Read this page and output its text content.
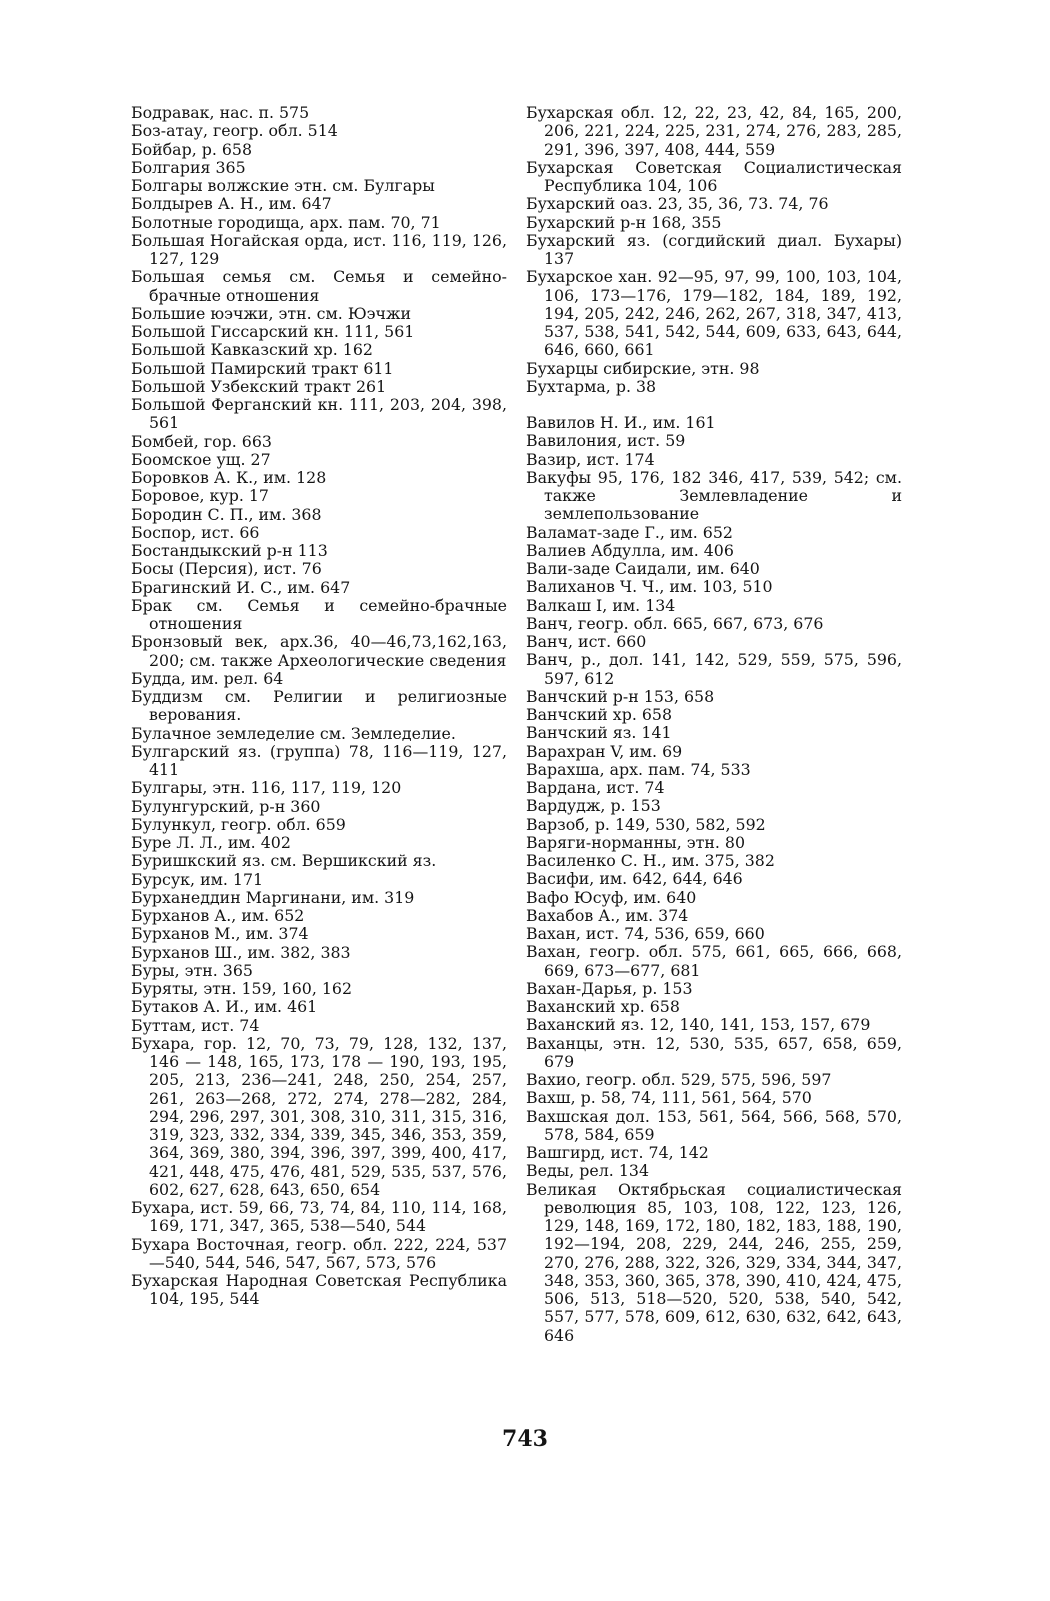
Бодравак, нас. п. 575
Боз-атау, геогр. обл. 514
Бойбар, р. 658
Болгария 365
Болгары волжские этн. см. Булгары
Болдырев А. Н., им. 647
Болотные городища, арх. пам. 70, 71
Большая Ногайская орда, ист. 116, 119, 126, 127, 129
Большая семья см. Семья и семейно-брачные отношения
Большие юэчжи, этн. см. Юэчжи
Большой Гиссарский кн. 111, 561
Большой Кавказский хр. 162
Большой Памирский тракт 611
Большой Узбекский тракт 261
Большой Ферганский кн. 111, 203, 204, 398, 561
Бомбей, гор. 663
Боомское ущ. 27
Боровков А. К., им. 128
Боровое, кур. 17
Бородин С. П., им. 368
Боспор, ист. 66
Бостандыкский р-н 113
Босы (Персия), ист. 76
Брагинский И. С., им. 647
Брак см. Семья и семейно-брачные отношения
Бронзовый век, арх.36, 40—46,73,162,163, 200; см. также Археологические сведения
Будда, им. рел. 64
Буддизм см. Религии и религиозные верования.
Булачное земледелие см. Земледелие.
Булгарский яз. (группа) 78, 116—119, 127, 411
Булгары, этн. 116, 117, 119, 120
Булунгурский, р-н 360
Булункул, геогр. обл. 659
Буре Л. Л., им. 402
Буришкский яз. см. Вершикский яз.
Бурсук, им. 171
Бурханеддин Маргинани, им. 319
Бурханов А., им. 652
Бурханов М., им. 374
Бурханов Ш., им. 382, 383
Буры, этн. 365
Буряты, этн. 159, 160, 162
Бутаков А. И., им. 461
Буттам, ист. 74
Бухара, гор. 12, 70, 73, 79, 128, 132, 137, 146 — 148, 165, 173, 178 — 190, 193, 195, 205, 213, 236—241, 248, 250, 254, 257, 261, 263—268, 272, 274, 278—282, 284, 294, 296, 297, 301, 308, 310, 311, 315, 316, 319, 323, 332, 334, 339, 345, 346, 353, 359, 364, 369, 380, 394, 396, 397, 399, 400, 417, 421, 448, 475, 476, 481, 529, 535, 537, 576, 602, 627, 628, 643, 650, 654
Бухара, ист. 59, 66, 73, 74, 84, 110, 114, 168, 169, 171, 347, 365, 538—540, 544
Бухара Восточная, геогр. обл. 222, 224, 537—540, 544, 546, 547, 567, 573, 576
Бухарская Народная Советская Республика 104, 195, 544
Бухарская обл. 12, 22, 23, 42, 84, 165, 200, 206, 221, 224, 225, 231, 274, 276, 283, 285, 291, 396, 397, 408, 444, 559
Бухарская Советская Социалистическая Республика 104, 106
Бухарский оаз. 23, 35, 36, 73. 74, 76
Бухарский р-н 168, 355
Бухарский яз. (согдийский диал. Бухары) 137
Бухарское хан. 92—95, 97, 99, 100, 103, 104, 106, 173—176, 179—182, 184, 189, 192, 194, 205, 242, 246, 262, 267, 318, 347, 413, 537, 538, 541, 542, 544, 609, 633, 643, 644, 646, 660, 661
Бухарцы сибирские, этн. 98
Бухтарма, р. 38
Вавилов Н. И., им. 161
Вавилония, ист. 59
Вазир, ист. 174
Вакуфы 95, 176, 182 346, 417, 539, 542; см. также Землевладение и землепользование
Валамат-заде Г., им. 652
Валиев Абдулла, им. 406
Вали-заде Саидали, им. 640
Валиханов Ч. Ч., им. 103, 510
Валкаш I, им. 134
Ванч, геогр. обл. 665, 667, 673, 676
Ванч, ист. 660
Ванч, р., дол. 141, 142, 529, 559, 575, 596, 597, 612
Ванчский р-н 153, 658
Ванчский хр. 658
Ванчский яз. 141
Варахран V, им. 69
Варахша, арх. пам. 74, 533
Вардана, ист. 74
Вардудж, р. 153
Варзоб, р. 149, 530, 582, 592
Варяги-норманны, этн. 80
Василенко С. Н., им. 375, 382
Васифи, им. 642, 644, 646
Вафо Юсуф, им. 640
Вахабов А., им. 374
Вахан, ист. 74, 536, 659, 660
Вахан, геогр. обл. 575, 661, 665, 666, 668, 669, 673—677, 681
Вахан-Дарья, р. 153
Ваханский хр. 658
Ваханский яз. 12, 140, 141, 153, 157, 679
Ваханцы, этн. 12, 530, 535, 657, 658, 659, 679
Вахио, геогр. обл. 529, 575, 596, 597
Вахш, р. 58, 74, 111, 561, 564, 570
Вахшская дол. 153, 561, 564, 566, 568, 570, 578, 584, 659
Вашгирд, ист. 74, 142
Веды, рел. 134
Великая Октябрьская социалистическая революция 85, 103, 108, 122, 123, 126, 129, 148, 169, 172, 180, 182, 183, 188, 190, 192—194, 208, 229, 244, 246, 255, 259, 270, 276, 288, 322, 326, 329, 334, 344, 347, 348, 353, 360, 365, 378, 390, 410, 424, 475, 506, 513, 518—520, 520, 538, 540, 542, 557, 577, 578, 609, 612, 630, 632, 642, 643, 646
743
